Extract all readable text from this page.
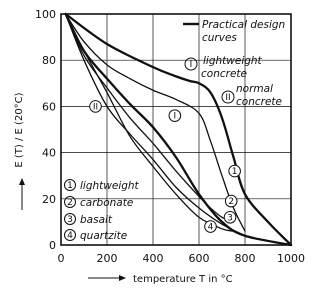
0	200 400 600 800 1000
0
20
40
60
80
100
I
II
1
2
3
4
Practical design
curves
I lightweight
concrete
II
normal
concrete
1 lightweight
2 carbonate
3 basalt
4 quartzite
E (T) / E (20°C)
temperature T in °C
